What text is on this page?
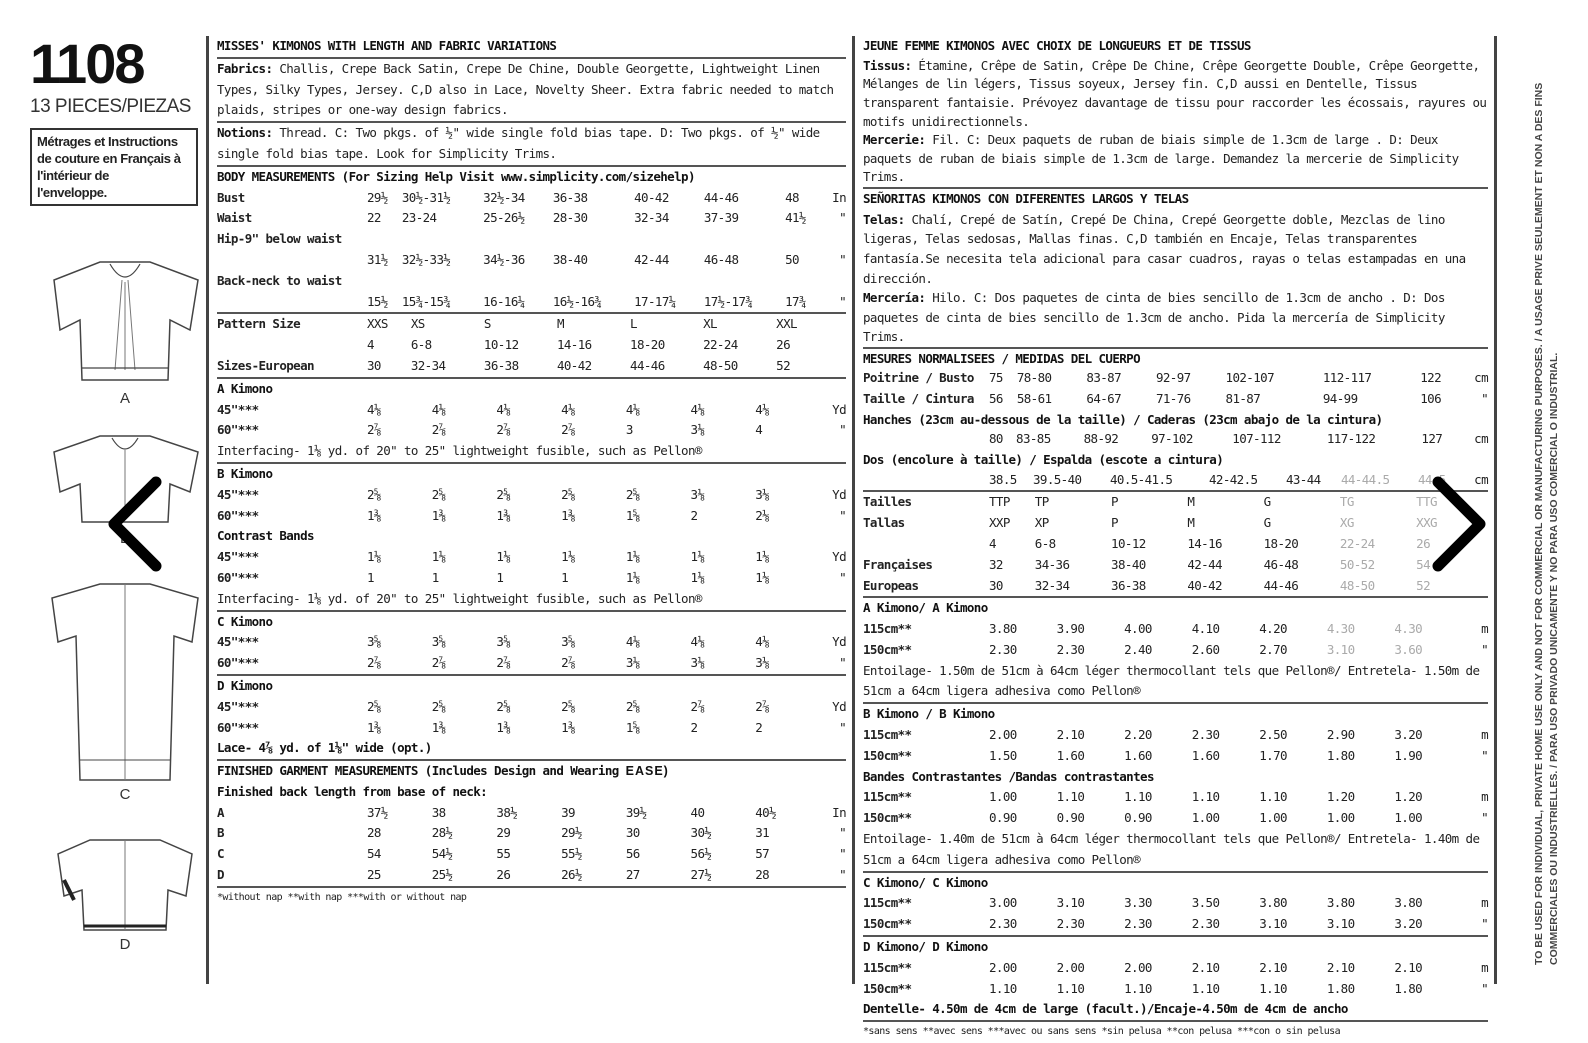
1108
13 PIECES/PIEZAS
Métrages et Instructions
de couture en Français à
l'intérieur de
l'enveloppe.
A
B
C
D
MISSES' KIMONOS WITH LENGTH AND FABRIC VARIATIONS
Fabrics: Challis, Crepe Back Satin, Crepe De Chine, Double Georgette, Lightweight Linen Types, Silky Types, Jersey. C,D also in Lace, Novelty Sheer. Extra fabric needed to match plaids, stripes or one-way design fabrics.
Notions: Thread. C: Two pkgs. of ½" wide single fold bias tape. D: Two pkgs. of ½" wide single fold bias tape. Look for Simplicity Trims.
BODY MEASUREMENTS (For Sizing Help Visit www.simplicity.com/sizehelp)
Bust	29½	30½-31½	32½-34	36-38	40-42	44-46	48	In
Waist	22	23-24	25-26½	28-30	32-34	37-39	41½	"
Hip-9" below waist								
	31½	32½-33½	34½-36	38-40	42-44	46-48	50	"
Back-neck to waist								
	15½	15¾-15¾	16-16¼	16½-16¾	17-17¼	17½-17¾	17¾	"
Pattern Size	XXS	XS	S	M	L	XL	XXL	
	4	6-8	10-12	14-16	18-20	22-24	26	
Sizes-European	30	32-34	36-38	40-42	44-46	48-50	52	
A Kimono
45"***	4⅛	4⅛	4⅛	4⅛	4⅛	4⅛	4⅛	Yd
60"***	2⅞	2⅞	2⅞	2⅞	3	3⅛	4	"
Interfacing- 1⅛ yd. of 20" to 25" lightweight fusible, such as Pellon®
B Kimono
45"***	2⅝	2⅝	2⅝	2⅝	2⅝	3⅛	3⅛	Yd
60"***	1⅜	1⅜	1⅜	1⅜	1⅝	2	2⅛	"
Contrast Bands
45"***	1⅛	1⅛	1⅛	1⅛	1⅛	1⅛	1⅛	Yd
60"***	1	1	1	1	1⅛	1⅛	1⅛	"
Interfacing- 1⅛ yd. of 20" to 25" lightweight fusible, such as Pellon®
C Kimono
45"***	3⅝	3⅝	3⅝	3⅝	4⅛	4⅛	4⅛	Yd
60"***	2⅞	2⅞	2⅞	2⅞	3⅛	3⅛	3⅛	"
D Kimono
45"***	2⅝	2⅝	2⅝	2⅝	2⅝	2⅞	2⅞	Yd
60"***	1⅜	1⅜	1⅜	1⅜	1⅝	2	2	"
Lace- 4⅞ yd. of 1⅛" wide (opt.)
FINISHED GARMENT MEASUREMENTS (Includes Design and Wearing EASE)
Finished back length from base of neck:
A	37½	38	38½	39	39½	40	40½	In
B	28	28½	29	29½	30	30½	31	"
C	54	54½	55	55½	56	56½	57	"
D	25	25½	26	26½	27	27½	28	"
*without nap **with nap ***with or without nap
JEUNE FEMME KIMONOS AVEC CHOIX DE LONGUEURS ET DE TISSUS
Tissus: Étamine, Crêpe de Satin, Crêpe De Chine, Crêpe Georgette Double, Crêpe Georgette, Mélanges de lin légers, Tissus soyeux, Jersey fin. C,D aussi en Dentelle, Tissus transparent fantaisie. Prévoyez davantage de tissu pour raccorder les écossais, rayures ou motifs unidirectionnels.
Mercerie: Fil. C: Deux paquets de ruban de biais simple de 1.3cm de large . D: Deux paquets de ruban de biais simple de 1.3cm de large. Demandez la mercerie de Simplicity Trims.
SEÑORITAS KIMONOS CON DIFERENTES LARGOS Y TELAS
Telas: Chalí, Crepé de Satín, Crepé De China, Crepé Georgette doble, Mezclas de lino ligeras, Telas sedosas, Mallas finas. C,D también en Encaje, Telas transparentes fantasía.Se necesita tela adicional para casar cuadros, rayas o telas estampadas en una dirección.
Mercería: Hilo. C: Dos paquetes de cinta de bies sencillo de 1.3cm de ancho . D: Dos paquetes de cinta de bies sencillo de 1.3cm de ancho. Pida la mercería de Simplicity Trims.
MESURES NORMALISEES / MEDIDAS DEL CUERPO
Poitrine / Busto	75	78-80	83-87	92-97	102-107	112-117	122	cm
Taille / Cintura	56	58-61	64-67	71-76	81-87	94-99	106	"
Hanches (23cm au-dessous de la taille) / Caderas (23cm abajo de la cintura)
	80	83-85	88-92	97-102	107-112	117-122	127	cm
Dos (encolure à taille) / Espalda (escote a cintura)
	38.5	39.5-40	40.5-41.5	42-42.5	43-44	44-44.5	44.5	cm
Tailles	TTP	TP	P	M	G	TG	TTG	
Tallas	XXP	XP	P	M	G	XG	XXG	
	4	6-8	10-12	14-16	18-20	22-24	26	
Françaises	32	34-36	38-40	42-44	46-48	50-52	54	
Europeas	30	32-34	36-38	40-42	44-46	48-50	52	
A Kimono/ A Kimono
115cm**	3.80	3.90	4.00	4.10	4.20	4.30	4.30	m
150cm**	2.30	2.30	2.40	2.60	2.70	3.10	3.60	"
Entoilage- 1.50m de 51cm à 64cm léger thermocollant tels que Pellon®/ Entretela- 1.50m de 51cm a 64cm ligera adhesiva como Pellon®
B Kimono / B Kimono
115cm**	2.00	2.10	2.20	2.30	2.50	2.90	3.20	m
150cm**	1.50	1.60	1.60	1.60	1.70	1.80	1.90	"
Bandes Contrastantes /Bandas contrastantes
115cm**	1.00	1.10	1.10	1.10	1.10	1.20	1.20	m
150cm**	0.90	0.90	0.90	1.00	1.00	1.00	1.00	"
Entoilage- 1.40m de 51cm à 64cm léger thermocollant tels que Pellon®/ Entretela- 1.40m de 51cm a 64cm ligera adhesiva como Pellon®
C Kimono/ C Kimono
115cm**	3.00	3.10	3.30	3.50	3.80	3.80	3.80	m
150cm**	2.30	2.30	2.30	2.30	3.10	3.10	3.20	"
D Kimono/ D Kimono
115cm**	2.00	2.00	2.00	2.10	2.10	2.10	2.10	m
150cm**	1.10	1.10	1.10	1.10	1.10	1.80	1.80	"
Dentelle- 4.50m de 4cm de large (facult.)/Encaje-4.50m de 4cm de ancho
*sans sens **avec sens ***avec ou sans sens *sin pelusa **con pelusa ***con o sin pelusa
TO BE USED FOR INDIVIDUAL, PRIVATE HOME USE ONLY AND NOT FOR COMMERCIAL OR MANUFACTURING PURPOSES. / A USAGE PRIVE SEULEMENT ET NON A DES FINS COMMERCIALES OU INDUSTRIELLES. / PARA USO PRIVADO UNICAMENTE Y NO PARA USO COMERCIAL O INDUSTRIAL.
